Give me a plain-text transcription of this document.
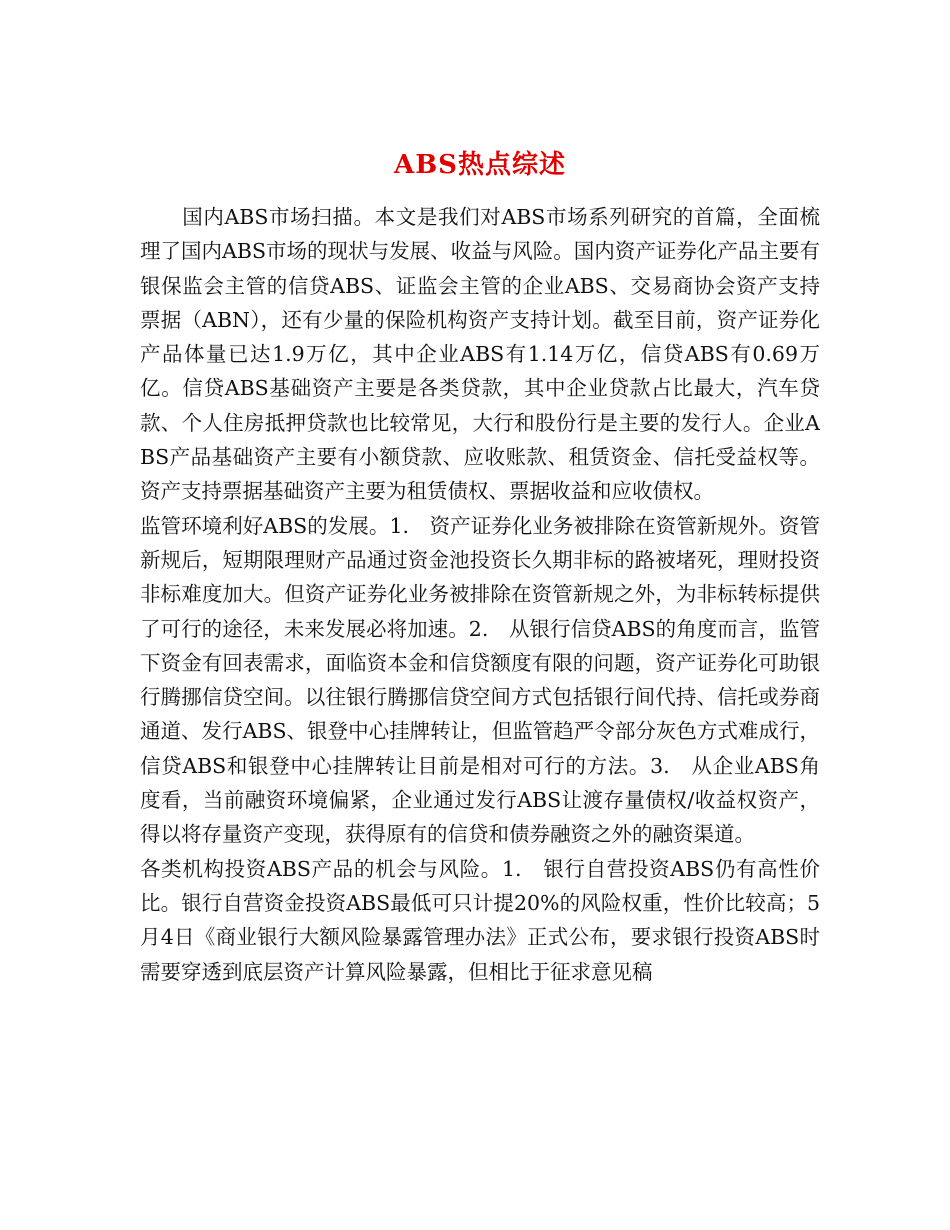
ABS热点综述

　　国内ABS市场扫描。本文是我们对ABS市场系列研究的首篇，全面梳理了国内ABS市场的现状与发展、收益与风险。国内资产证券化产品主要有银保监会主管的信贷ABS、证监会主管的企业ABS、交易商协会资产支持票据（ABN），还有少量的保险机构资产支持计划。截至目前，资产证券化产品体量已达1.9万亿，其中企业ABS有1.14万亿，信贷ABS有0.69万亿。信贷ABS基础资产主要是各类贷款，其中企业贷款占比最大，汽车贷款、个人住房抵押贷款也比较常见，大行和股份行是主要的发行人。企业ABS产品基础资产主要有小额贷款、应收账款、租赁资金、信托受益权等。资产支持票据基础资产主要为租赁债权、票据收益和应收债权。

监管环境利好ABS的发展。1.　资产证券化业务被排除在资管新规外。资管新规后，短期限理财产品通过资金池投资长久期非标的路被堵死，理财投资非标难度加大。但资产证券化业务被排除在资管新规之外，为非标转标提供了可行的途径，未来发展必将加速。2.　从银行信贷ABS的角度而言，监管下资金有回表需求，面临资本金和信贷额度有限的问题，资产证券化可助银行腾挪信贷空间。以往银行腾挪信贷空间方式包括银行间代持、信托或券商通道、发行ABS、银登中心挂牌转让，但监管趋严令部分灰色方式难成行，信贷ABS和银登中心挂牌转让目前是相对可行的方法。3.　从企业ABS角度看，当前融资环境偏紧，企业通过发行ABS让渡存量债权/收益权资产，得以将存量资产变现，获得原有的信贷和债券融资之外的融资渠道。

各类机构投资ABS产品的机会与风险。1.　银行自营投资ABS仍有高性价比。银行自营资金投资ABS最低可只计提20%的风险权重，性价比较高；5月4日《商业银行大额风险暴露管理办法》正式公布，要求银行投资ABS时需要穿透到底层资产计算风险暴露，但相比于征求意见稿
